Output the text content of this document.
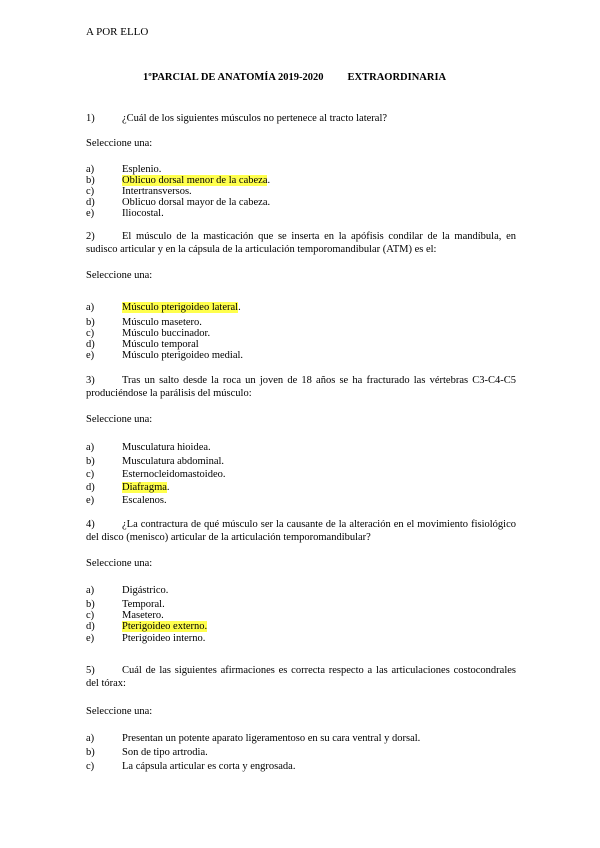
A POR ELLO
1ºPARCIAL DE ANATOMÍA 2019-2020 EXTRAORDINARIA
1)	¿Cuál de los siguientes músculos no pertenece al tracto lateral?
Seleccione una:
a)	Esplenio.
b)	Oblicuo dorsal menor de la cabeza.
c)	Intertransversos.
d)	Oblicuo dorsal mayor de la cabeza.
e)	Iliocostal.
2)	El músculo de la masticación que se inserta en la apófisis condilar de la mandíbula, en sudisco articular y en la cápsula de la articulación temporomandibular (ATM) es el:
Seleccione una:
a)	Músculo pterigoideo lateral.
b)	Músculo masetero.
c)	Músculo buccinador.
d)	Músculo temporal
e)	Músculo pterigoideo medial.
3)	Tras un salto desde la roca un joven de 18 años se ha fracturado las vértebras C3-C4-C5 produciéndose la parálisis del músculo:
Seleccione una:
a)	Musculatura hioidea.
b)	Musculatura abdominal.
c)	Esternocleidomastoideo.
d)	Diafragma.
e)	Escalenos.
4)	¿La contractura de qué músculo ser la causante de la alteración en el movimiento fisiológico del disco (menisco) articular de la articulación temporomandibular?
Seleccione una:
a)	Digástrico.
b)	Temporal.
c)	Masetero.
d)	Pterigoideo externo.
e)	Pterigoideo interno.
5)	Cuál de las siguientes afirmaciones es correcta respecto a las articulaciones costocondrales del tórax:
Seleccione una:
a)	Presentan un potente aparato ligeramentoso en su cara ventral y dorsal.
b)	Son de tipo artrodia.
c)	La cápsula articular es corta y engrosada.
